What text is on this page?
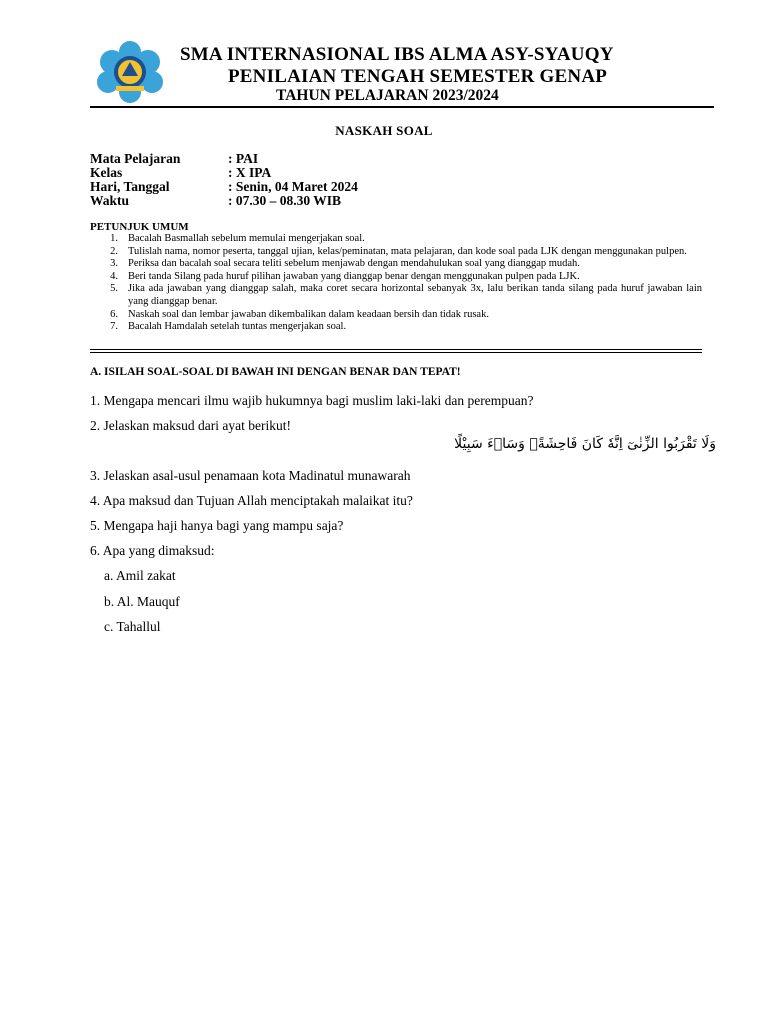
SMA INTERNASIONAL IBS ALMA ASY-SYAUQY
PENILAIAN TENGAH SEMESTER GENAP
TAHUN PELAJARAN 2023/2024
NASKAH SOAL
Mata Pelajaran	: PAI
Kelas	: X IPA
Hari, Tanggal	: Senin, 04 Maret 2024
Waktu	: 07.30 – 08.30 WIB
PETUNJUK UMUM
1. Bacalah Basmallah sebelum memulai mengerjakan soal.
2. Tulislah nama, nomor peserta, tanggal ujian, kelas/peminatan, mata pelajaran, dan kode soal pada LJK dengan menggunakan pulpen.
3. Periksa dan bacalah soal secara teliti sebelum menjawab dengan mendahulukan soal yang dianggap mudah.
4. Beri tanda Silang pada huruf pilihan jawaban yang dianggap benar dengan menggunakan pulpen pada LJK.
5. Jika ada jawaban yang dianggap salah, maka coret secara horizontal sebanyak 3x, lalu berikan tanda silang pada huruf jawaban lain yang dianggap benar.
6. Naskah soal dan lembar jawaban dikembalikan dalam keadaan bersih dan tidak rusak.
7. Bacalah Hamdalah setelah tuntas mengerjakan soal.
A. ISILAH SOAL-SOAL DI BAWAH INI DENGAN BENAR DAN TEPAT!
1. Mengapa mencari ilmu wajib hukumnya bagi muslim laki-laki dan perempuan?
2. Jelaskan maksud dari ayat berikut!
وَلَا تَقْرَبُوا الزِّنٰىٓ اِنَّهٗ كَانَ فَاحِشَةًۗ وَسَاۤءَ سَبِيْلًا
3. Jelaskan asal-usul penamaan kota Madinatul munawarah
4. Apa maksud dan Tujuan Allah menciptakah malaikat itu?
5. Mengapa haji hanya bagi yang mampu saja?
6. Apa yang dimaksud:
a. Amil zakat
b. Al. Mauquf
c. Tahallul
